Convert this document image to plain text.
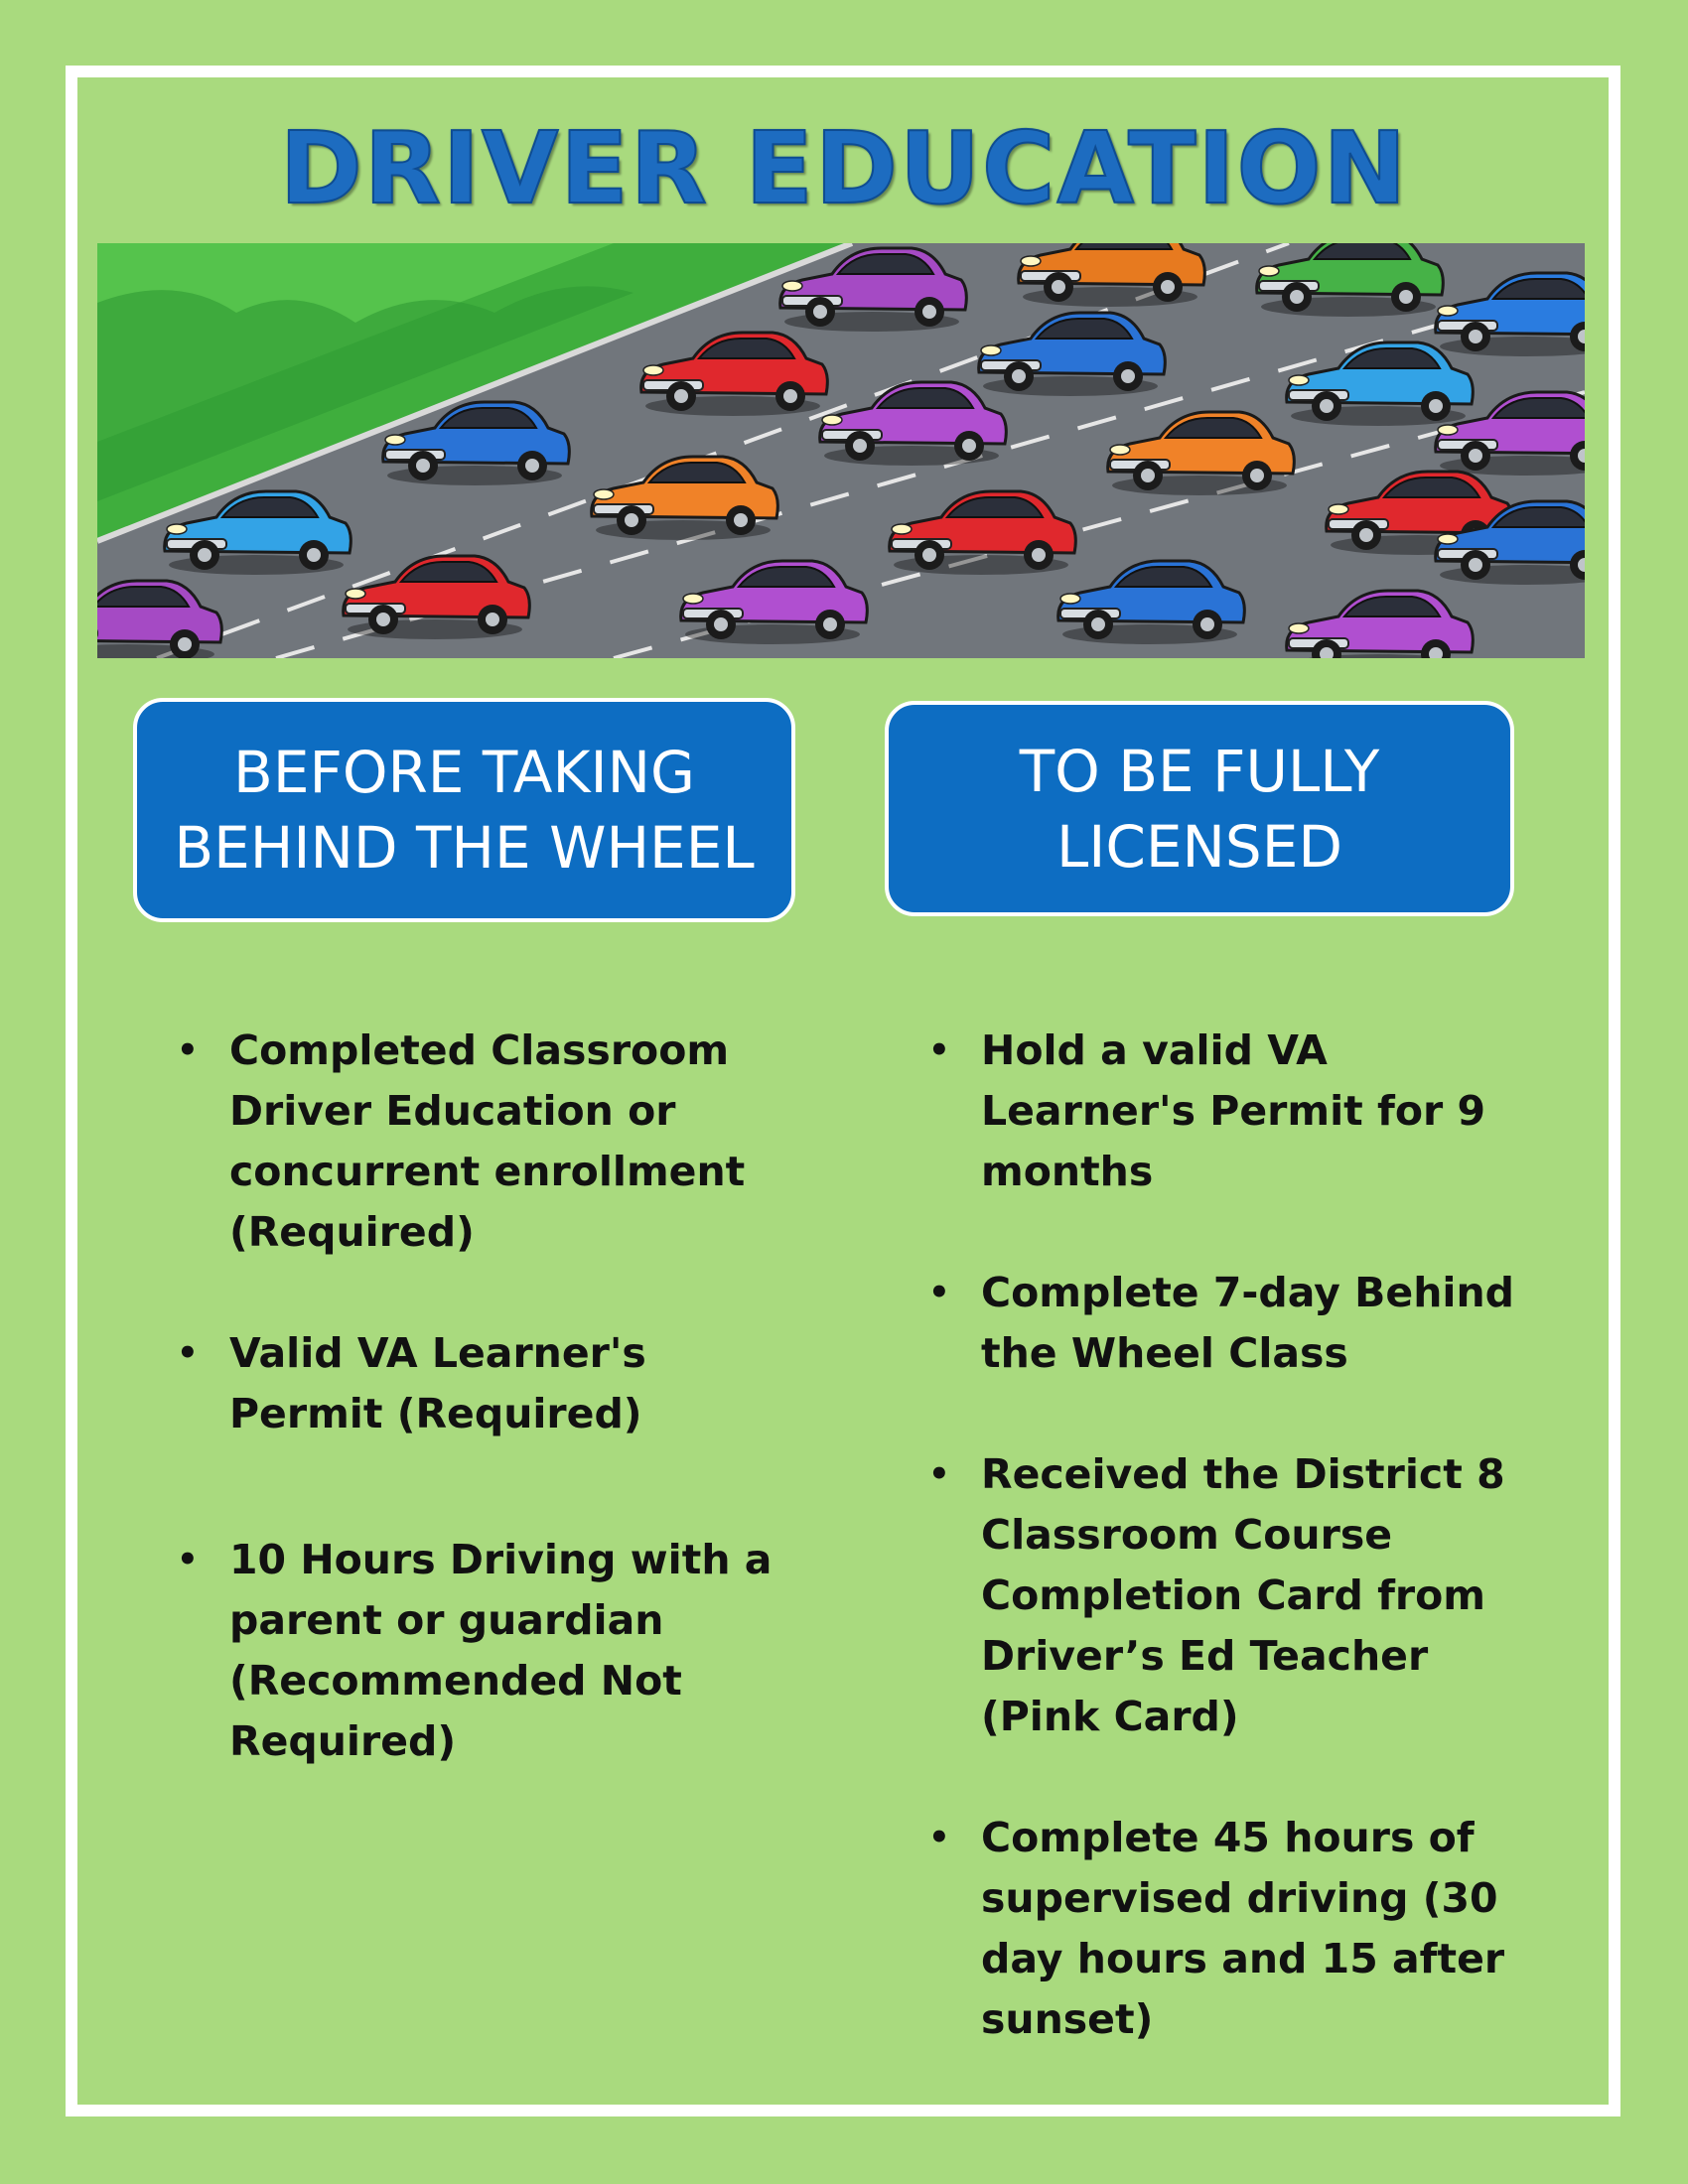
DRIVER EDUCATION
BEFORE TAKING
BEHIND THE WHEEL
TO BE FULLY
LICENSED
• Completed Classroom Driver Education or concurrent enrollment (Required)
• Valid VA Learner's Permit (Required)
• 10 Hours Driving with a parent or guardian (Recommended Not Required)
• Hold a valid VA Learner's Permit for 9 months
• Complete 7-day Behind the Wheel Class
• Received the District 8 Classroom Course Completion Card from Driver’s Ed Teacher (Pink Card)
• Complete 45 hours of supervised driving (30 day hours and 15 after sunset)
